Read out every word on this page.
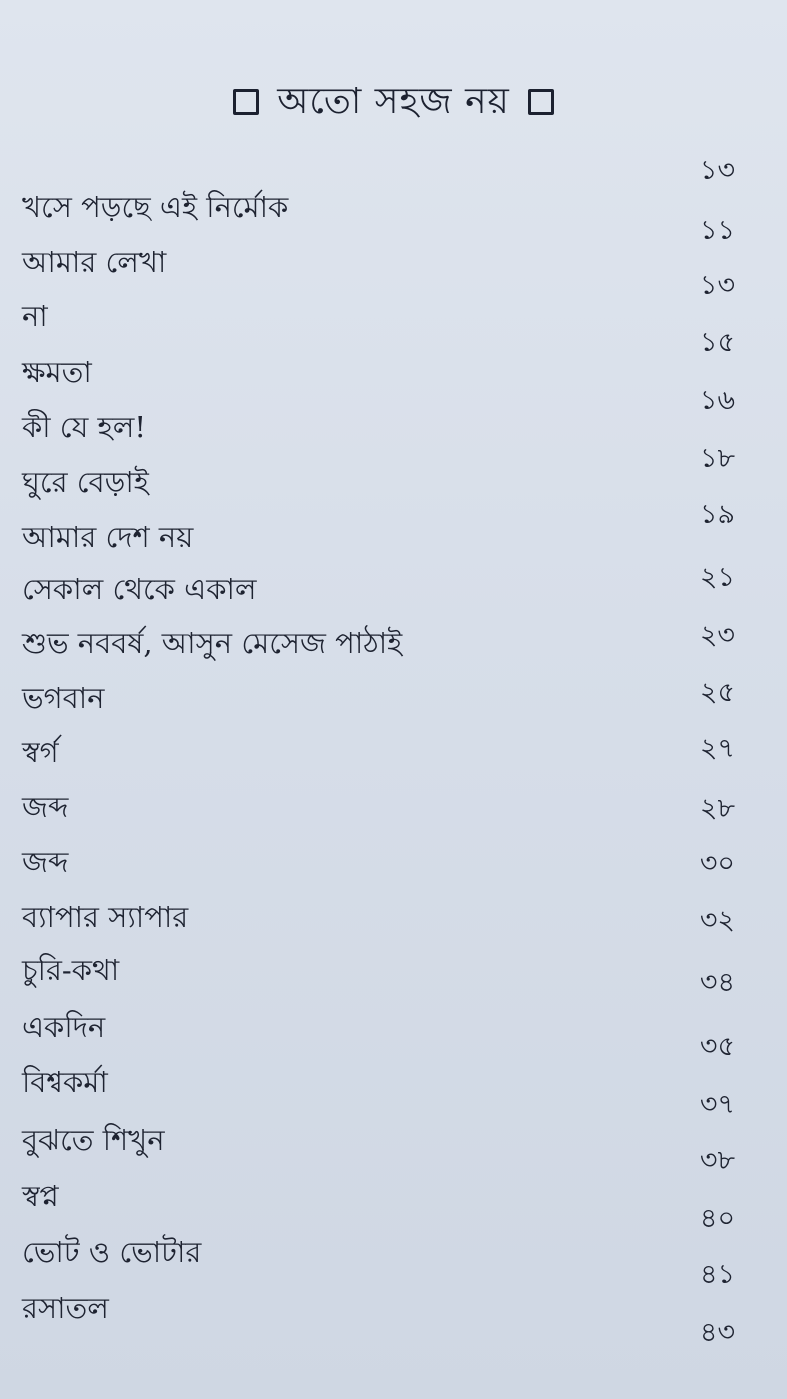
অতো সহজ নয়
১৩
খসে পড়ছে এই নির্মোক
১১
আমার লেখা
১৩
না
১৫
ক্ষমতা
১৬
কী যে হল!
১৮
ঘুরে বেড়াই
১৯
আমার দেশ নয়
২১
সেকাল থেকে একাল
২৩
শুভ নববর্ষ, আসুন মেসেজ পাঠাই
২৫
ভগবান
২৭
স্বর্গ
২৮
জব্দ
৩০
জব্দ
৩২
ব্যাপার স্যাপার
৩৪
চুরি-কথা
৩৫
একদিন
৩৭
বিশ্বকর্মা
৩৮
বুঝতে শিখুন
৪০
স্বপ্ন
৪১
ভোট ও ভোটার
৪৩
রসাতল
